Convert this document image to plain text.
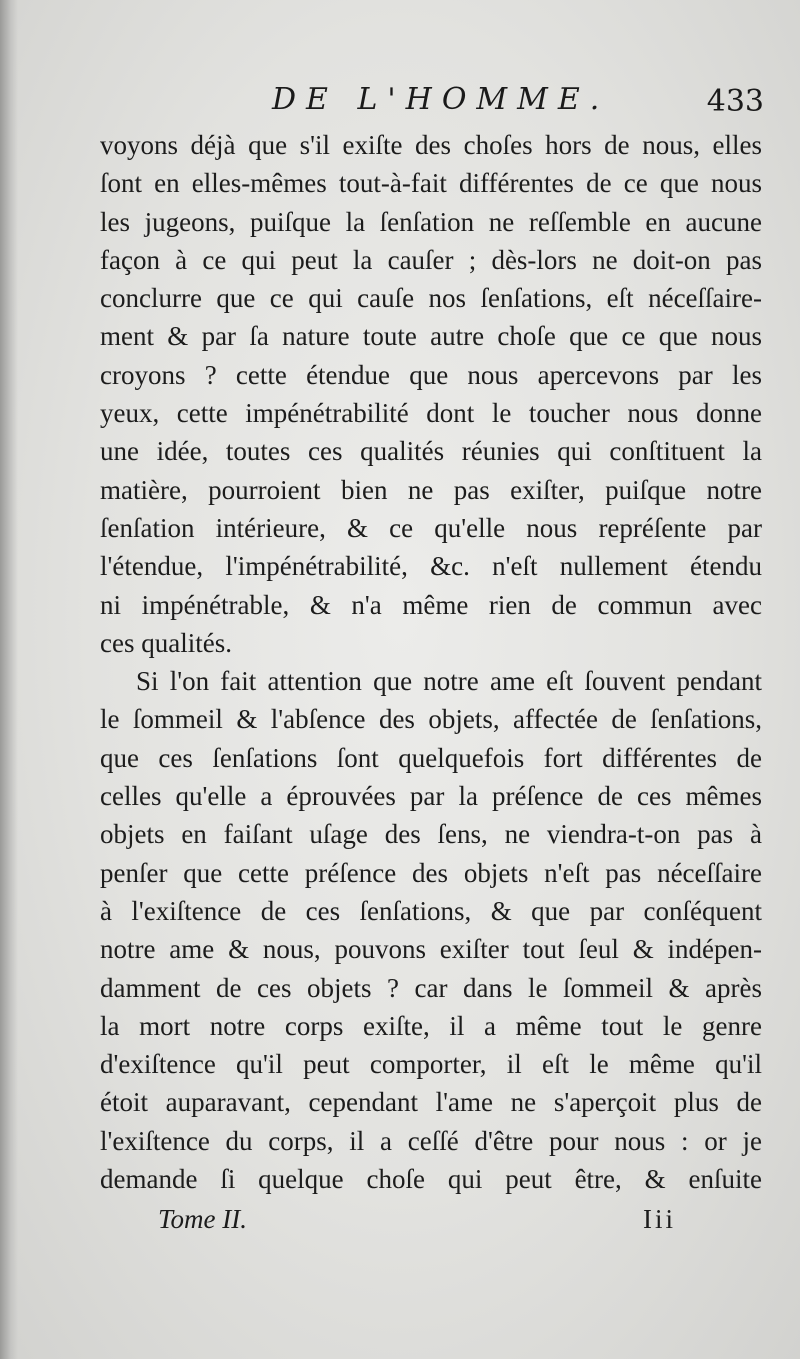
DE L'HOMME.	433
voyons déjà que s'il exiſte des choſes hors de nous, elles
ſont en elles-mêmes tout-à-fait différentes de ce que nous
les jugeons, puiſque la ſenſation ne reſſemble en aucune
façon à ce qui peut la cauſer ; dès-lors ne doit-on pas
conclurre que ce qui cauſe nos ſenſations, eſt néceſſaire-
ment & par ſa nature toute autre choſe que ce que nous
croyons ? cette étendue que nous apercevons par les
yeux, cette impénétrabilité dont le toucher nous donne
une idée, toutes ces qualités réunies qui conſtituent la
matière, pourroient bien ne pas exiſter, puiſque notre
ſenſation intérieure, & ce qu'elle nous repréſente par
l'étendue, l'impénétrabilité, &c. n'eſt nullement étendu
ni impénétrable, & n'a même rien de commun avec
ces qualités.
Si l'on fait attention que notre ame eſt ſouvent pendant
le ſommeil & l'abſence des objets, affectée de ſenſations,
que ces ſenſations ſont quelquefois fort différentes de
celles qu'elle a éprouvées par la préſence de ces mêmes
objets en faiſant uſage des ſens, ne viendra-t-on pas à
penſer que cette préſence des objets n'eſt pas néceſſaire
à l'exiſtence de ces ſenſations, & que par conſéquent
notre ame & nous, pouvons exiſter tout ſeul & indépen-
damment de ces objets ? car dans le ſommeil & après
la mort notre corps exiſte, il a même tout le genre
d'exiſtence qu'il peut comporter, il eſt le même qu'il
étoit auparavant, cependant l'ame ne s'aperçoit plus de
l'exiſtence du corps, il a ceſſé d'être pour nous : or je
demande ſi quelque choſe qui peut être, & enſuite
Tome II.	Iii
